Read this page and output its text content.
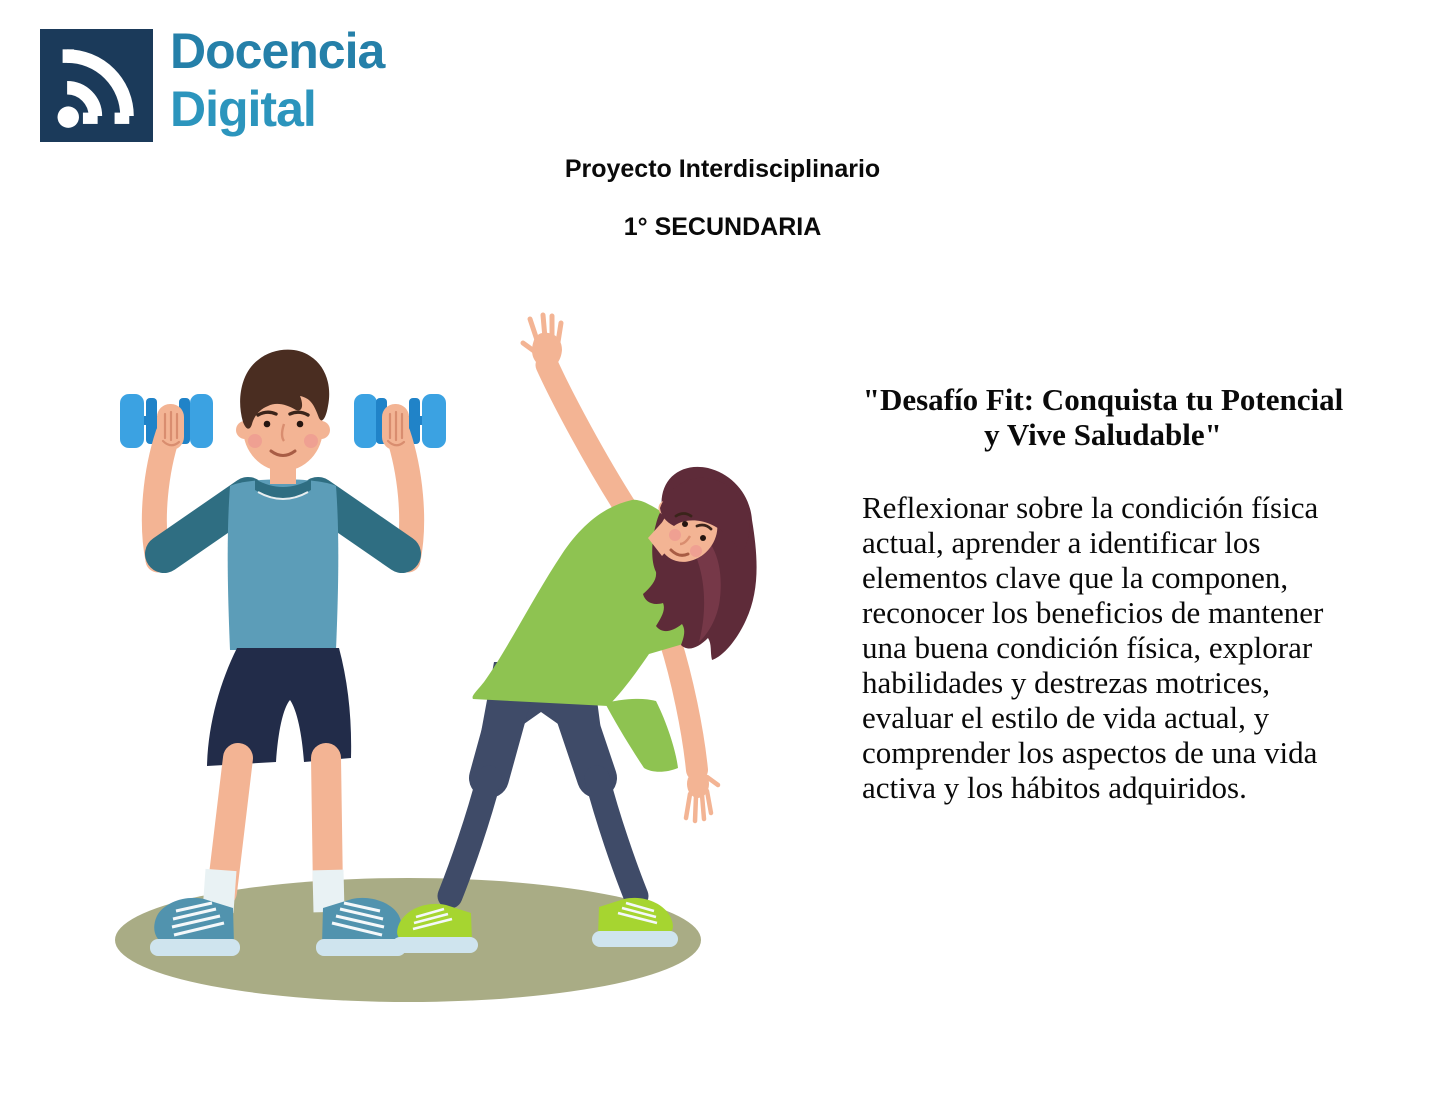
Docencia
Digital
Proyecto Interdisciplinario
1° SECUNDARIA
"Desafío Fit: Conquista tu Potencial
y Vive Saludable"
Reflexionar sobre la condición física
actual, aprender a identificar los
elementos clave que la componen,
reconocer los beneficios de mantener
una buena condición física, explorar
habilidades y destrezas motrices,
evaluar el estilo de vida actual, y
comprender los aspectos de una vida
activa y los hábitos adquiridos.
